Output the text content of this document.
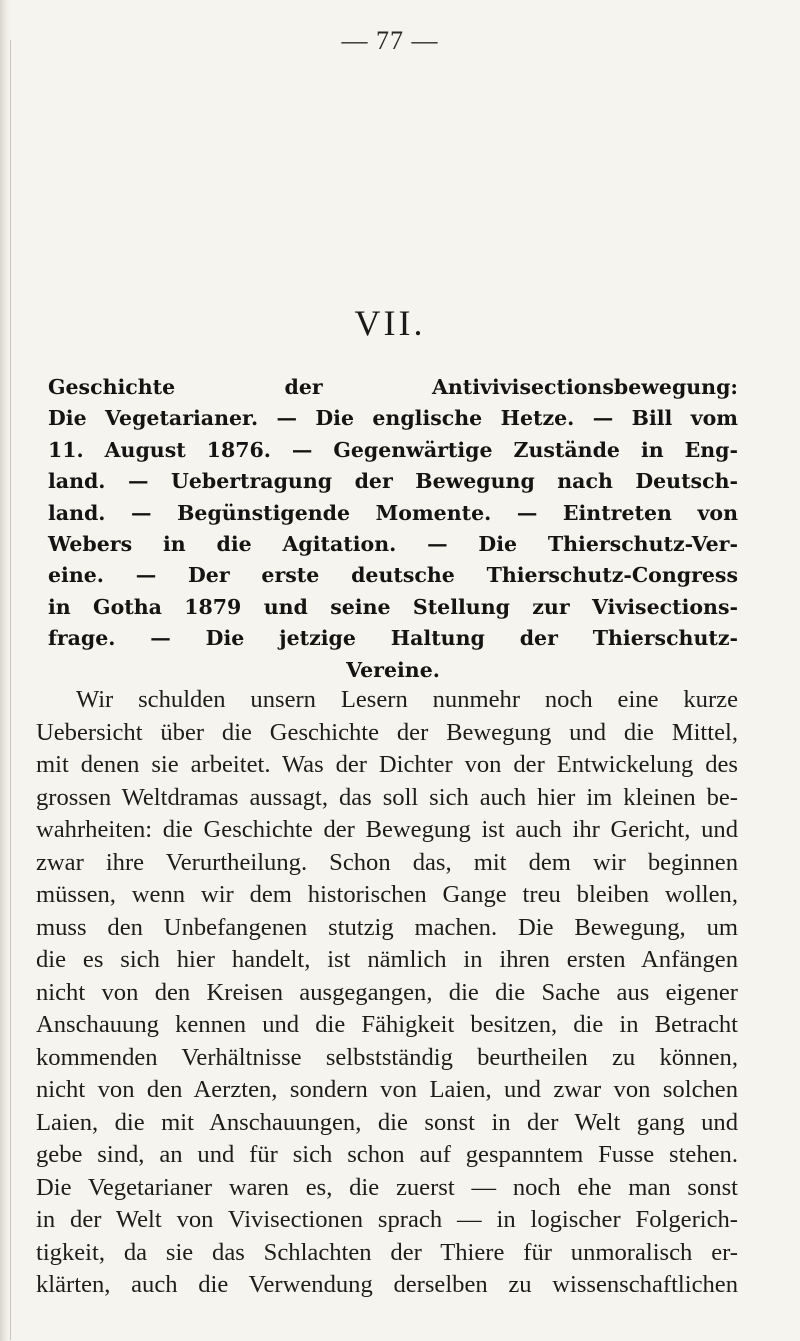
— 77 —
VII.
Geschichte der Antivivisectionsbewegung:
Die Vegetarianer. — Die englische Hetze. — Bill vom
11. August 1876. — Gegenwärtige Zustände in Eng-
land. — Uebertragung der Bewegung nach Deutsch-
land. — Begünstigende Momente. — Eintreten von
Webers in die Agitation. — Die Thierschutz-Ver-
eine. — Der erste deutsche Thierschutz-Congress
in Gotha 1879 und seine Stellung zur Vivisections-
frage. — Die jetzige Haltung der Thierschutz-
Vereine.
Wir schulden unsern Lesern nunmehr noch eine kurze
Uebersicht über die Geschichte der Bewegung und die Mittel,
mit denen sie arbeitet. Was der Dichter von der Entwickelung des
grossen Weltdramas aussagt, das soll sich auch hier im kleinen be-
wahrheiten: die Geschichte der Bewegung ist auch ihr Gericht, und
zwar ihre Verurtheilung. Schon das, mit dem wir beginnen
müssen, wenn wir dem historischen Gange treu bleiben wollen,
muss den Unbefangenen stutzig machen. Die Bewegung, um
die es sich hier handelt, ist nämlich in ihren ersten Anfängen
nicht von den Kreisen ausgegangen, die die Sache aus eigener
Anschauung kennen und die Fähigkeit besitzen, die in Betracht
kommenden Verhältnisse selbstständig beurtheilen zu können,
nicht von den Aerzten, sondern von Laien, und zwar von solchen
Laien, die mit Anschauungen, die sonst in der Welt gang und
gebe sind, an und für sich schon auf gespanntem Fusse stehen.
Die Vegetarianer waren es, die zuerst — noch ehe man sonst
in der Welt von Vivisectionen sprach — in logischer Folgerich-
tigkeit, da sie das Schlachten der Thiere für unmoralisch er-
klärten, auch die Verwendung derselben zu wissenschaftlichen
